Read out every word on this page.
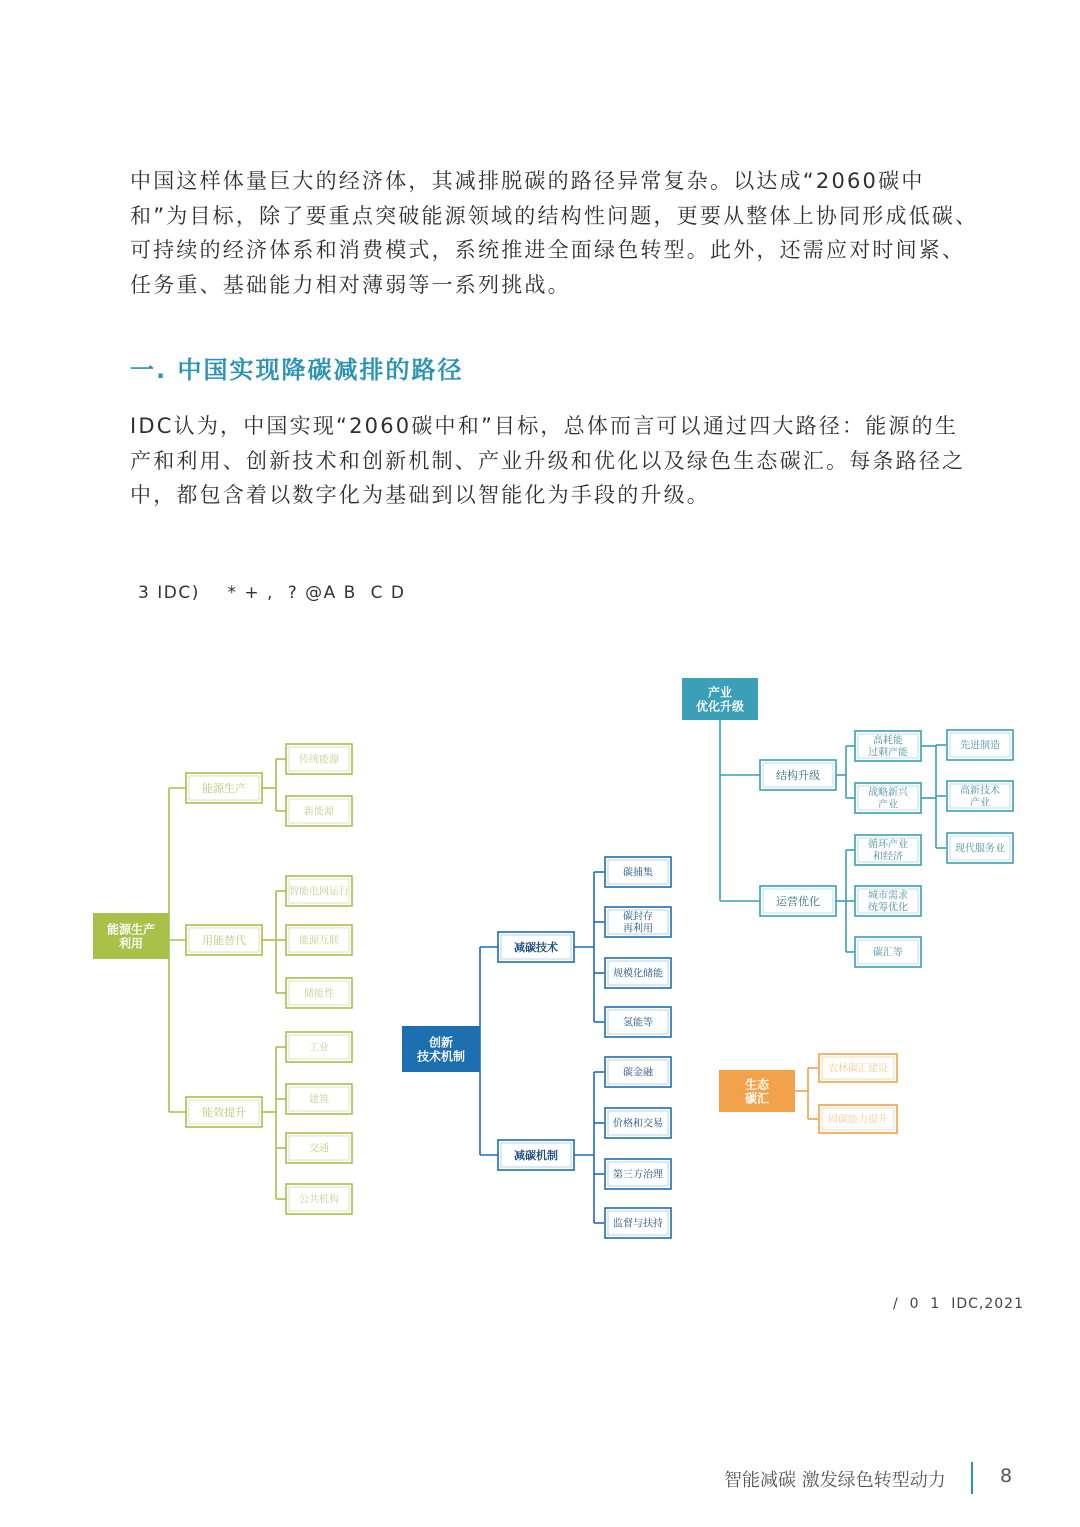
中国这样体量巨大的经济体，其减排脱碳的路径异常复杂。以达成“2060碳中和”为目标，除了要重点突破能源领域的结构性问题，更要从整体上协同形成低碳、可持续的经济体系和消费模式，系统推进全面绿色转型。此外，还需应对时间紧、任务重、基础能力相对薄弱等一系列挑战。

一. 中国实现降碳减排的路径

IDC认为，中国实现“2060碳中和”目标，总体而言可以通过四大路径：能源的生产和利用、创新技术和创新机制、产业升级和优化以及绿色生态碳汇。每条路径之中，都包含着以数字化为基础到以智能化为手段的升级。

3 IDC)    * + ,  ? @A B  C D
能源生产
利用
能源生产
传统能源
新能源
用能替代
智能电网运行
能源互联
储能性
能效提升
工业
建筑
交通
公共机构
创新
技术机制
减碳技术
碳捕集
碳封存
再利用
规模化储能
氢能等
减碳机制
碳金融
价格和交易
第三方治理
监督与扶持
产业
优化升级
结构升级
高耗能
过剩产能
战略新兴
产业
运营优化
循环产业
和经济
城市需求
统筹优化
碳汇等
先进制造
高新技术
产业
现代服务业
生态
碳汇
农林碳汇建设
固碳能力提升
/  0  1  IDC,2021
智能减碳 激发绿色转型动力	8
